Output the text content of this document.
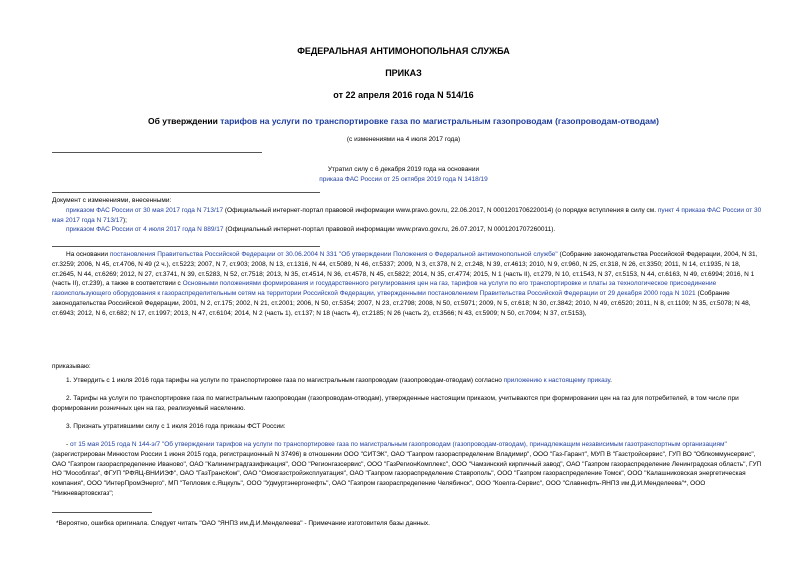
ФЕДЕРАЛЬНАЯ АНТИМОНОПОЛЬНАЯ СЛУЖБА
ПРИКАЗ
от 22 апреля 2016 года N 514/16
Об утверждении тарифов на услуги по транспортировке газа по магистральным газопроводам (газопроводам-отводам)
(с изменениями на 4 июля 2017 года)
Утратил силу с 6 декабря 2019 года на основании
приказа ФАС России от 25 октября 2019 года N 1418/19

Документ с изменениями, внесенными:

приказом ФАС России от 30 мая 2017 года N 713/17 (Официальный интернет-портал правовой информации www.pravo.gov.ru, 22.06.2017, N 0001201706220014) (о порядке вступления в силу см. пункт 4 приказа ФАС России от 30 мая 2017 года N 713/17);

приказом ФАС России от 4 июля 2017 года N 889/17 (Официальный интернет-портал правовой информации www.pravo.gov.ru, 26.07.2017, N 0001201707260011).

На основании постановления Правительства Российской Федерации от 30.06.2004 N 331 "Об утверждении Положения о Федеральной антимонопольной службе" (Собрание законодательства Российской Федерации, 2004, N 31, ст.3259; 2006, N 45, ст.4706, N 49 (2 ч.), ст.5223; 2007, N 7, ст.903; 2008, N 13, ст.1316, N 44, ст.5089, N 46, ст.5337; 2009, N 3, ст.378, N 2, ст.248, N 39, ст.4613; 2010, N 9, ст.960, N 25, ст.318, N 26, ст.3350; 2011, N 14, ст.1935, N 18, ст.2645, N 44, ст.6269; 2012, N 27, ст.3741, N 39, ст.5283, N 52, ст.7518; 2013, N 35, ст.4514, N 36, ст.4578, N 45, ст.5822; 2014, N 35, ст.4774; 2015, N 1 (часть II), ст.279, N 10, ст.1543, N 37, ст.5153, N 44, ст.6163, N 49, ст.6994; 2016, N 1 (часть II), ст.239), а также в соответствии с Основными положениями формирования и государственного регулирования цен на газ, тарифов на услуги по его транспортировке и платы за технологическое присоединение газоиспользующего оборудования к газораспределительным сетям на территории Российской Федерации, утвержденными постановлением Правительства Российской Федерации от 29 декабря 2000 года N 1021 (Собрание законодательства Российской Федерации, 2001, N 2, ст.175; 2002, N 21, ст.2001; 2006, N 50, ст.5354; 2007, N 23, ст.2798; 2008, N 50, ст.5971; 2009, N 5, ст.618; N 30, ст.3842; 2010, N 49, ст.6520; 2011, N 8, ст.1109; N 35, ст.5078; N 48, ст.6943; 2012, N 6, ст.682; N 17, ст.1997; 2013, N 47, ст.6104; 2014, N 2 (часть 1), ст.137; N 18 (часть 4), ст.2185; N 26 (часть 2), ст.3566; N 43, ст.5909; N 50, ст.7094; N 37, ст.5153),

приказываю:
1. Утвердить с 1 июля 2016 года тарифы на услуги по транспортировке газа по магистральным газопроводам (газопроводам-отводам) согласно приложению к настоящему приказу.
2. Тарифы на услуги по транспортировке газа по магистральным газопроводам (газопроводам-отводам), утвержденные настоящим приказом, учитываются при формировании цен на газ для потребителей, в том числе при формировании розничных цен на газ, реализуемый населению.
3. Признать утратившими силу с 1 июля 2016 года приказы ФСТ России:
- от 15 мая 2015 года N 144-э/7 "Об утверждении тарифов на услуги по транспортировке газа по магистральным газопроводам (газопроводам-отводам), принадлежащим независимым газотранспортным организациям" (зарегистрирован Минюстом России 1 июня 2015 года, регистрационный N 37496) в отношении ООО "СИТЭК", ОАО "Газпром газораспределение Владимир", ООО "Газ-Гарант", МУП В "Газстройсервис", ГУП ВО "Облкоммунсервис", ОАО "Газпром газораспределение Иваново", ОАО "Калининградгазификация", ООО "Регионгазсервис", ООО "ГазРегионКомплекс", ООО "Чамзинский кирпичный завод", ОАО "Газпром газораспределение Ленинградская область", ГУП НО "Мособлгаз", ФГУП "РФЯЦ-ВНИИЭФ", ОАО "ГазТрансКом", ОАО "Омскгазстройэксплуатация", ОАО "Газпром газораспределение Ставрополь", ООО "Газпром газораспределение Томск", ООО "Калашниковская энергетическая компания", ООО "ИнтерПромЭнерго", МП "Тепловик с.Ящкуль", ООО "Удмуртэнергонефть", ОАО "Газпром газораспределение Челябинск", ООО "Коелга-Сервис", ООО "Славнефть-ЯНПЗ им.Д.И.Менделеева"*, ООО "Нижневартовскгаз";
*Вероятно, ошибка оригинала. Следует читать "ОАО "ЯНПЗ им.Д.И.Менделеева" - Примечание изготовителя базы данных.
